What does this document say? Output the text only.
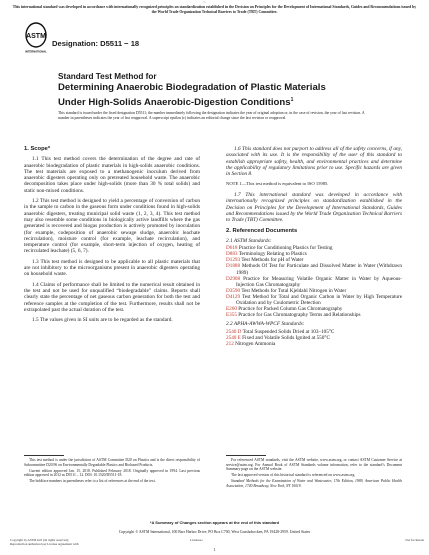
>
This international standard was developed in accordance with internationally recognized principles on standardization established in the Decision on Principles for the Development of International Standards, Guides and Recommendations issued by the World Trade Organization Technical Barriers to Trade (TBT) Committee.
ASTM
INTERNATIONAL
Designation: D5511 − 18
Standard Test Method for
Determining Anaerobic Biodegradation of Plastic Materials
Under High-Solids Anaerobic-Digestion Conditions$^1$
This standard is issued under the fixed designation D5511; the number immediately following the designation indicates the year of original adoption or, in the case of revision, the year of last revision. A number in parentheses indicates the year of last reapproval. A superscript epsilon (ε) indicates an editorial change since the last revision or reapproval.
1. Scope*

1.1 This test method covers the determination of the degree and rate of anaerobic biodegradation of plastic materials in high-solids anaerobic conditions. The test materials are exposed to a methanogenic inoculum derived from anaerobic digesters operating only on pretreated household waste. The anaerobic decomposition takes place under high-solids (more than 30 % total solids) and static non-mixed conditions.

1.2 This test method is designed to yield a percentage of conversion of carbon in the sample to carbon in the gaseous form under conditions found in high-solids anaerobic digesters, treating municipal solid waste (1, 2, 3, 4). This test method may also resemble some conditions in biologically active landfills where the gas generated is recovered and biogas production is actively promoted by inoculation (for example, codeposition of anaerobic sewage sludge, anaerobic leachate recirculation), moisture control (for example, leachate recirculation), and temperature control (for example, short-term injection of oxygen, heating of recirculated leachate) (5, 6, 7).

1.3 This test method is designed to be applicable to all plastic materials that are not inhibitory to the microorganisms present in anaerobic digesters operating on household waste.

1.4 Claims of performance shall be limited to the numerical result obtained in the test and not be used for unqualified “biodegradable” claims. Reports shall clearly state the percentage of net gaseous carbon generation for both the test and reference samples at the completion of the test. Furthermore, results shall not be extrapolated past the actual duration of the test.

1.5 The values given in SI units are to be regarded as the standard.

1.6 This standard does not purport to address all of the safety concerns, if any, associated with its use. It is the responsibility of the user of this standard to establish appropriate safety, health, and environmental practices and determine the applicability of regulatory limitations prior to use. Specific hazards are given in Section 8.

NOTE 1—This test method is equivalent to ISO 15985.

1.7 This international standard was developed in accordance with internationally recognized principles on standardization established in the Decision on Principles for the Development of International Standards, Guides and Recommendations issued by the World Trade Organization Technical Barriers to Trade (TBT) Committee.

2. Referenced Documents
2.1 ASTM Standards:
D618 Practice for Conditioning Plastics for Testing
D883 Terminology Relating to Plastics
D1293 Test Methods for pH of Water
D1888 Methods Of Test for Particulate and Dissolved Matter in Water (Withdrawn 1989)
D2908 Practice for Measuring Volatile Organic Matter in Water by Aqueous-Injection Gas Chromatography
D3590 Test Methods for Total Kjeldahl Nitrogen in Water
D4129 Test Method for Total and Organic Carbon in Water by High Temperature Oxidation and by Coulometric Detection
E260 Practice for Packed Column Gas Chromatography
E355 Practice for Gas Chromatography Terms and Relationships
2.2 APHA-AWWA-WPCF Standards:
2540 D Total Suspended Solids Dried at 103–105°C
2540 E Fixed and Volatile Solids Ignited at 550°C
212 Nitrogen Ammonia

This test method is under the jurisdiction of ASTM Committee D20 on Plastics and is the direct responsibility of Subcommittee D20.96 on Environmentally Degradable Plastics and Biobased Products.

Current edition approved Jan. 15, 2018. Published February 2018. Originally approved in 1994. Last previous edition approved in 2012 as D5511 – 12. DOI: 10.1520/D5511-18.

The boldface numbers in parentheses refer to a list of references at the end of the text.

For referenced ASTM standards, visit the ASTM website, www.astm.org, or contact ASTM Customer Service at service@astm.org. For Annual Book of ASTM Standards volume information, refer to the standard’s Document Summary page on the ASTM website.

The last approved version of this historical standard is referenced on www.astm.org.

Standard Methods for the Examination of Water and Wastewater, 17th Edition, 1989, American Public Health Association, 1740 Broadway, New York, NY 10019.

*A Summary of Changes section appears at the end of this standard
Copyright © ASTM International, 100 Barr Harbor Drive, PO Box C700, West Conshohocken, PA 19428-2959. United States
Copyright by ASTM Int'l (all rights reserved);
Reproduction authorized per License Agreement with
Licensee=	Not for Resale
1
